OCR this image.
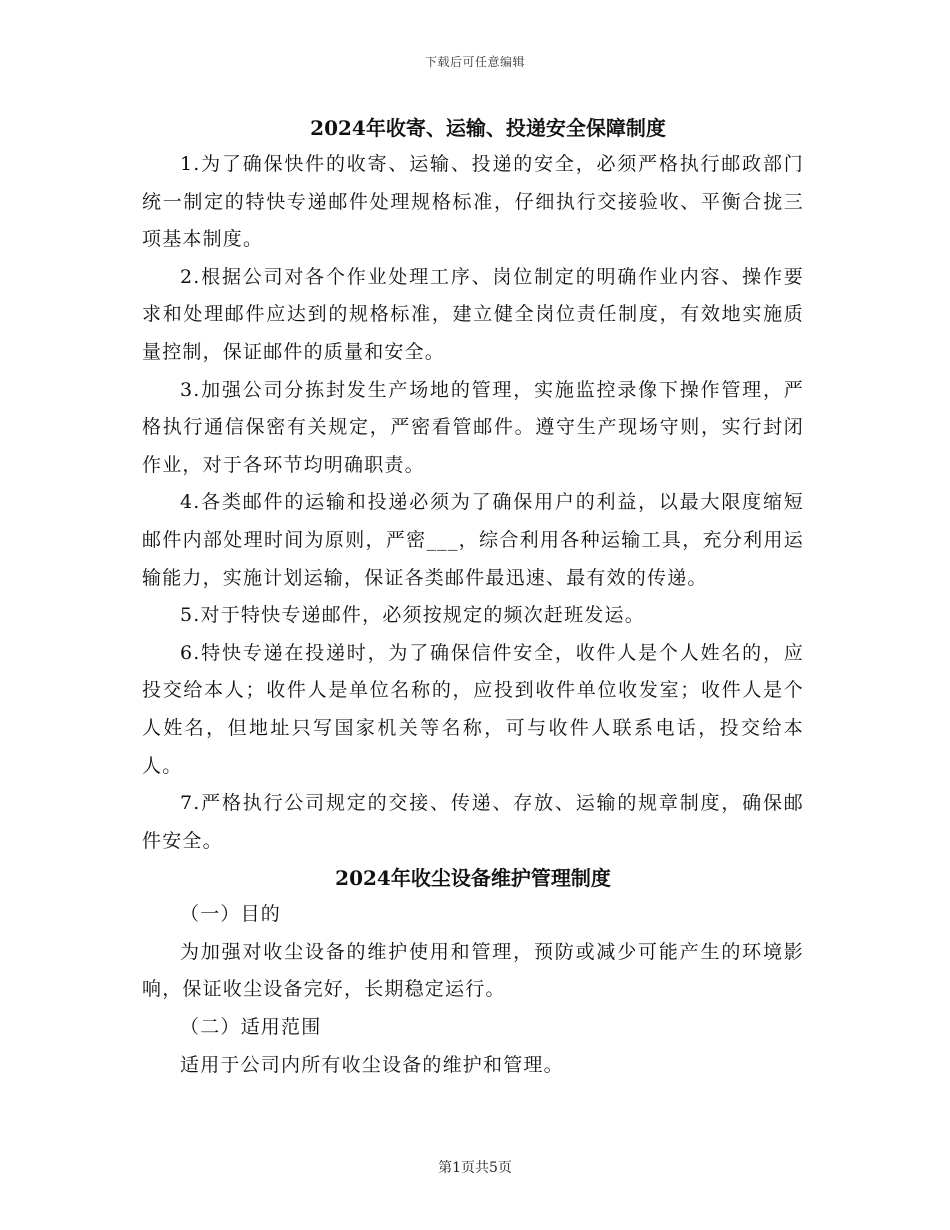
下载后可任意编辑
2024年收寄、运输、投递安全保障制度

1.为了确保快件的收寄、运输、投递的安全，必须严格执行邮政部门统一制定的特快专递邮件处理规格标准，仔细执行交接验收、平衡合拢三项基本制度。

2.根据公司对各个作业处理工序、岗位制定的明确作业内容、操作要求和处理邮件应达到的规格标准，建立健全岗位责任制度，有效地实施质量控制，保证邮件的质量和安全。

3.加强公司分拣封发生产场地的管理，实施监控录像下操作管理，严格执行通信保密有关规定，严密看管邮件。遵守生产现场守则，实行封闭作业，对于各环节均明确职责。

4.各类邮件的运输和投递必须为了确保用户的利益，以最大限度缩短邮件内部处理时间为原则，严密___，综合利用各种运输工具，充分利用运输能力，实施计划运输，保证各类邮件最迅速、最有效的传递。

5.对于特快专递邮件，必须按规定的频次赶班发运。

6.特快专递在投递时，为了确保信件安全，收件人是个人姓名的，应投交给本人；收件人是单位名称的，应投到收件单位收发室；收件人是个人姓名，但地址只写国家机关等名称，可与收件人联系电话，投交给本人。

7.严格执行公司规定的交接、传递、存放、运输的规章制度，确保邮件安全。

2024年收尘设备维护管理制度

（一）目的

为加强对收尘设备的维护使用和管理，预防或减少可能产生的环境影响，保证收尘设备完好，长期稳定运行。

（二）适用范围

适用于公司内所有收尘设备的维护和管理。

第1页共5页
